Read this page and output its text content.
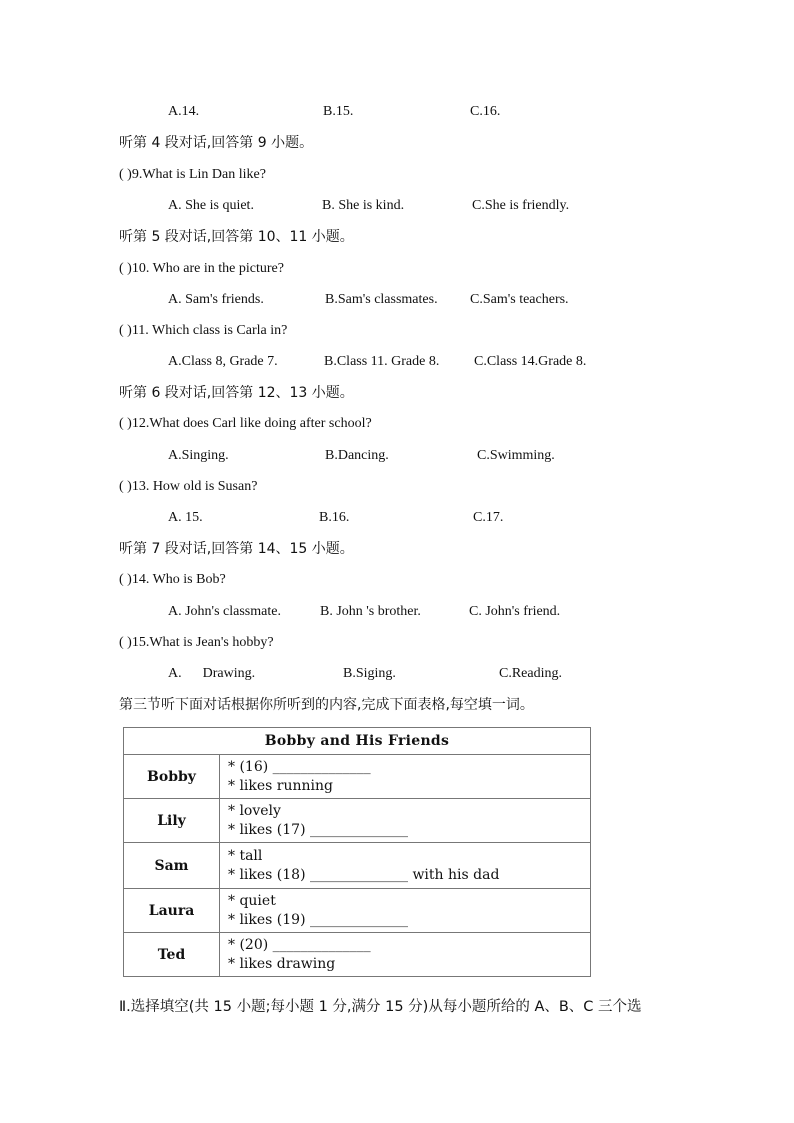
A.14.	B.15.	C.16.
听第 4 段对话,回答第 9 小题。
( )9.What is Lin Dan like?
A. She is quiet.	B. She is kind.	C.She is friendly.
听第 5 段对话,回答第 10、11 小题。
( )10. Who are in the picture?
A. Sam's friends.	B.Sam's classmates. C.Sam's teachers.
( )11. Which class is Carla in?
A.Class 8, Grade 7.	B.Class 11. Grade 8. C.Class 14.Grade 8.
听第 6 段对话,回答第 12、13 小题。
( )12.What does Carl like doing after school?
A.Singing.	B.Dancing.	C.Swimming.
( )13. How old is Susan?
A. 15.	B.16.	C.17.
听第 7 段对话,回答第 14、15 小题。
( )14. Who is Bob?
A. John's classmate.	B. John 's brother.	C. John's friend.
( )15.What is Jean's hobby?
A.      Drawing.	B.Siging.	C.Reading.
第三节听下面对话根据你所听到的内容,完成下面表格,每空填一词。
Bobby and His Friends	
Bobby	* (16) ______________
* likes running

Lily	* lovely
* likes (17) ______________

Sam	* tall
* likes (18) ______________ with his dad

Laura	* quiet
* likes (19) ______________

Ted	* (20) ______________
* likes drawing
Ⅱ.选择填空(共 15 小题;每小题 1 分,满分 15 分)从每小题所给的 A、B、C 三个选
